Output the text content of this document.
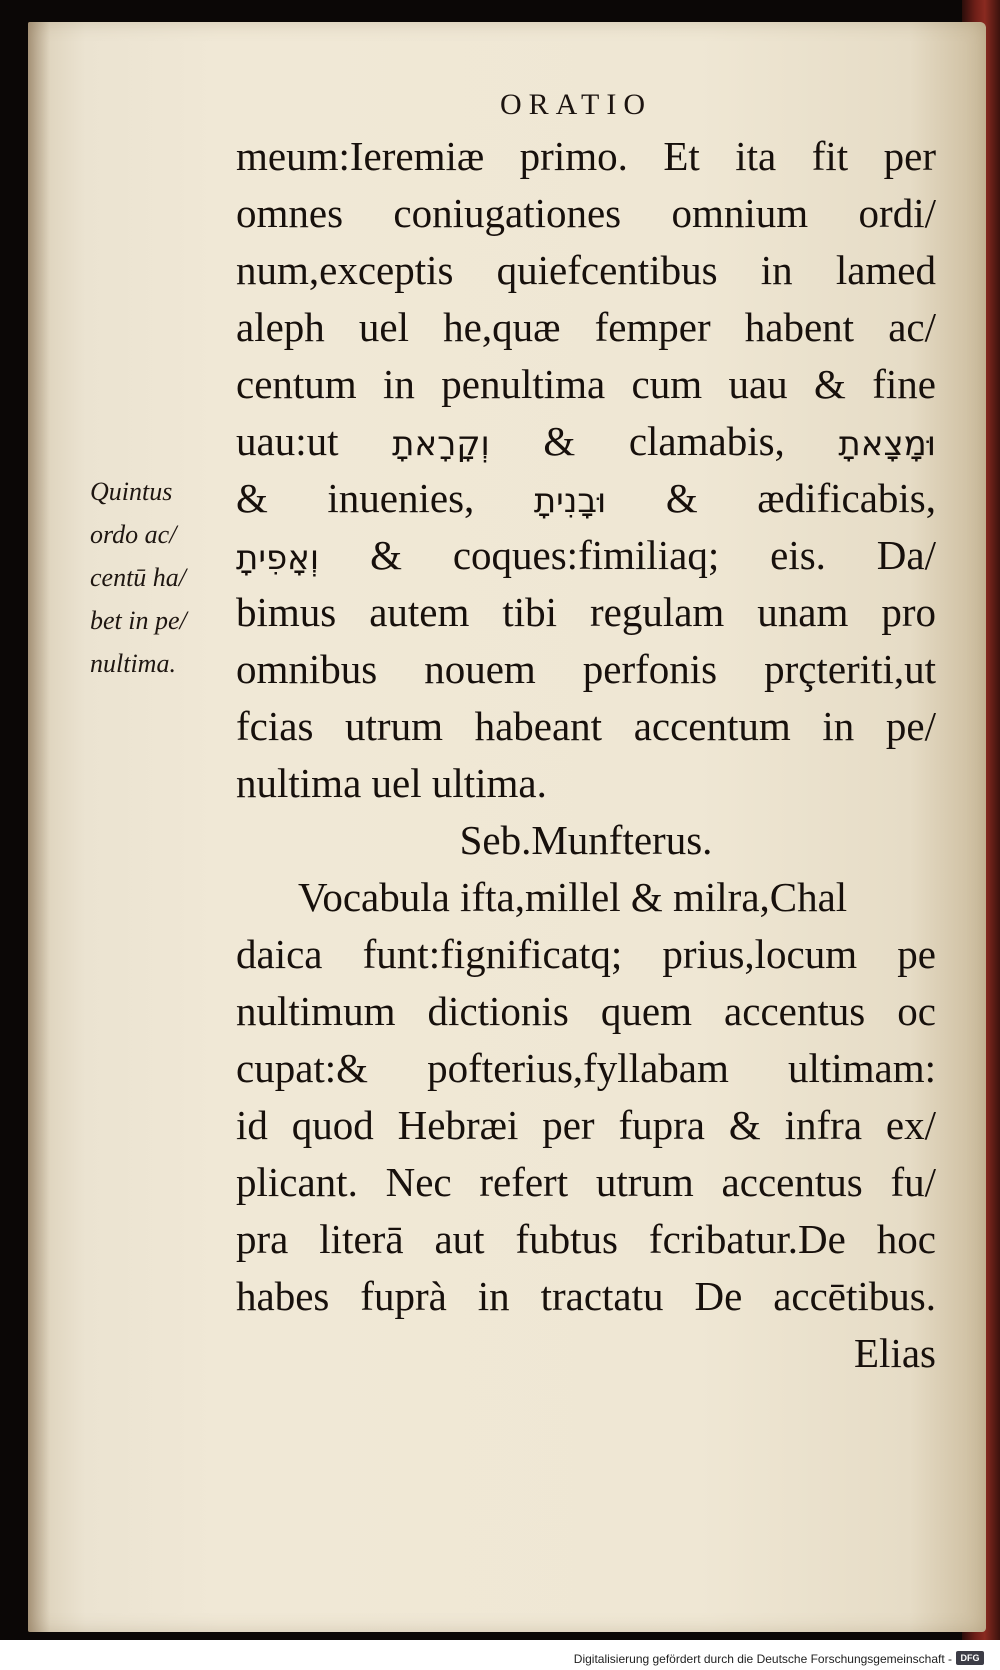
ORATIO
Quintus
ordo ac/
centū ha/
bet in pe/
nultima.
meum:Ieremiæ primo. Et ita fit per
omnes coniugationes omnium ordi/
num,exceptis quiefcentibus in lamed
aleph uel he,quæ femper habent ac/
centum in penultima cum uau & fine
uau:ut וְקָרָאתָ & clamabis, וּמָצָאתָ
& inuenies, וּבָנִיתָ & ædificabis,
וְאָפִיתָ & coques:fimiliaq; eis. Da/
bimus autem tibi regulam unam pro
omnibus nouem perfonis prçteriti,ut
fcias utrum habeant accentum in pe/
nultima uel ultima.
Seb.Munfterus.
Vocabula ifta,millel & milra,Chal
daica funt:fignificatq; prius,locum pe
nultimum dictionis quem accentus oc
cupat:& pofterius,fyllabam ultimam:
id quod Hebræi per fupra & infra ex/
plicant. Nec refert utrum accentus fu/
pra literā aut fubtus fcribatur.De hoc
habes fuprà in tractatu De accētibus.
Elias
Digitalisierung gefördert durch die Deutsche Forschungsgemeinschaft - DFG
